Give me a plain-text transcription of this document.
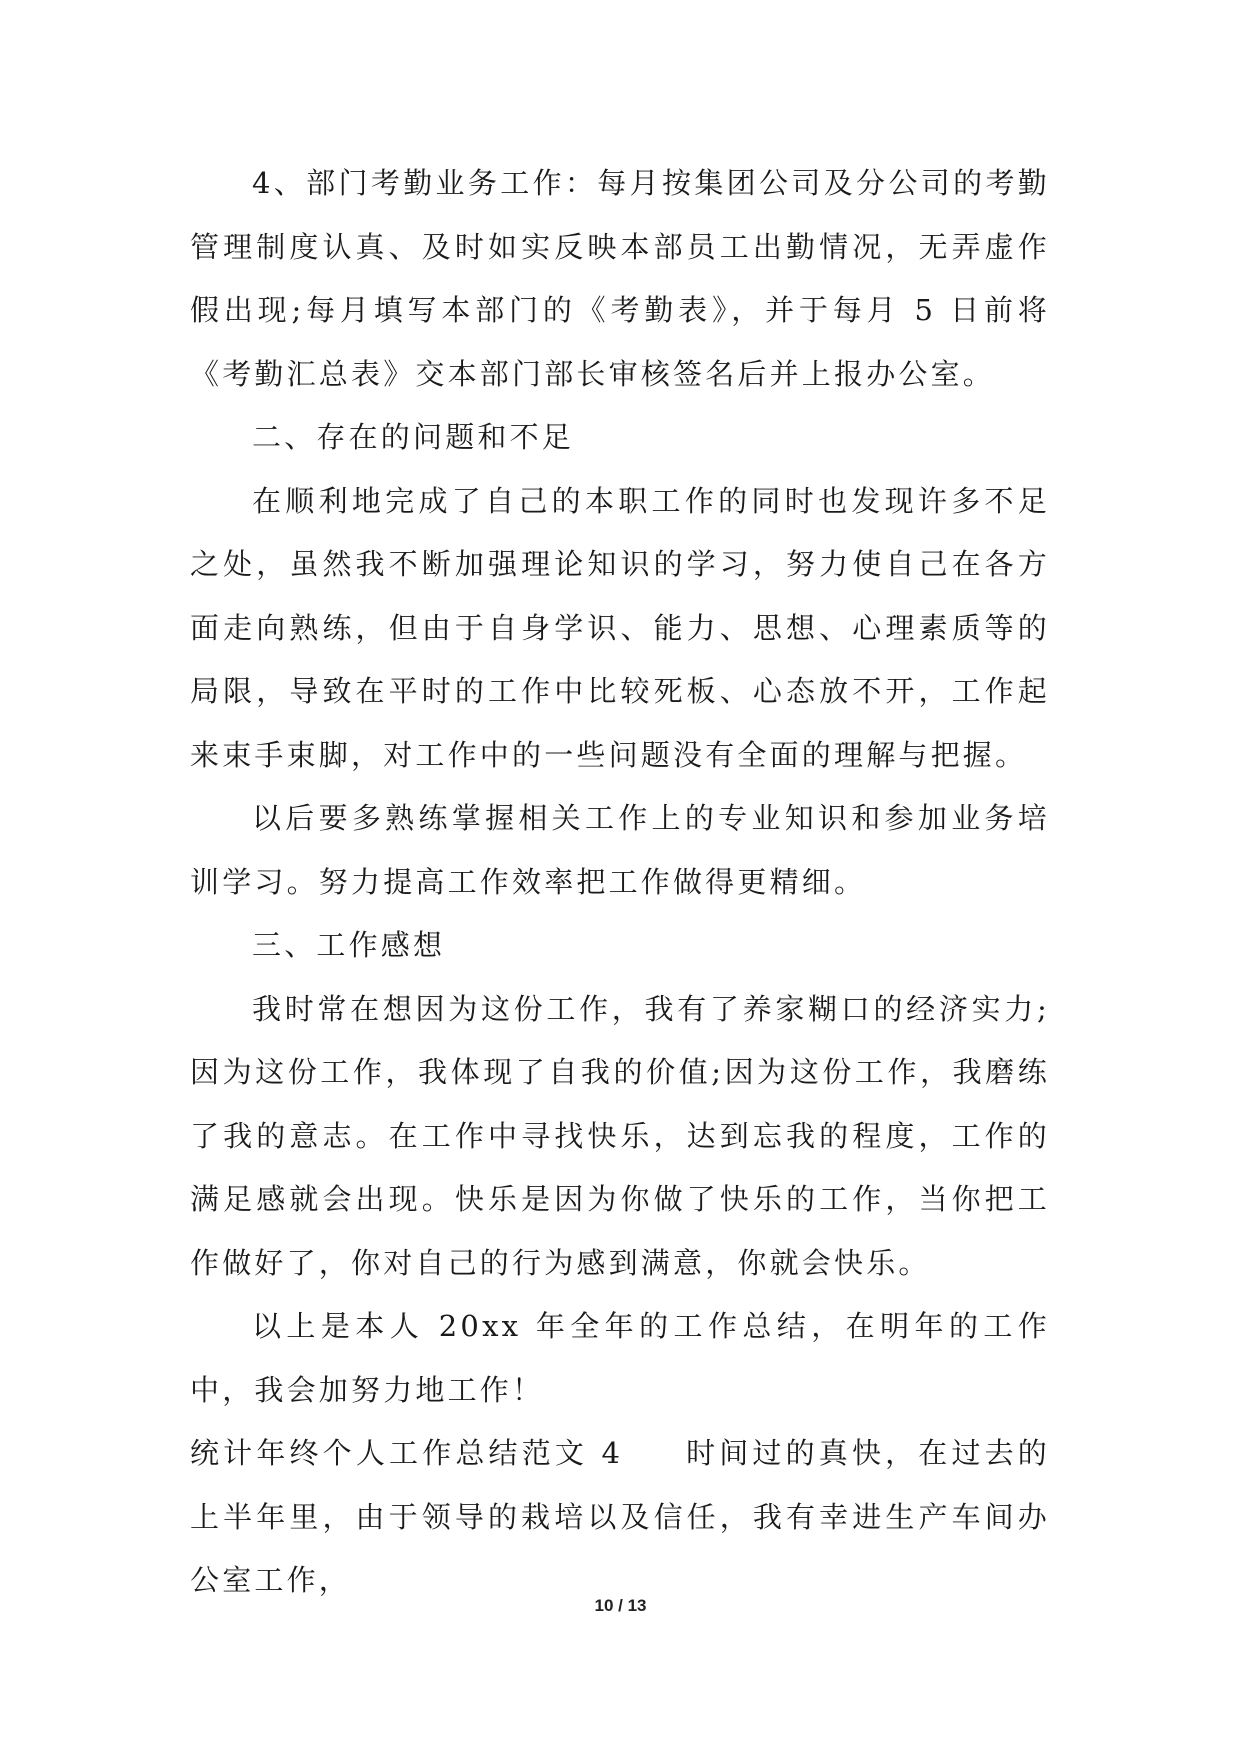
4、部门考勤业务工作：每月按集团公司及分公司的考勤管理制度认真、及时如实反映本部员工出勤情况，无弄虚作假出现;每月填写本部门的《考勤表》，并于每月 5 日前将《考勤汇总表》交本部门部长审核签名后并上报办公室。

二、存在的问题和不足

在顺利地完成了自己的本职工作的同时也发现许多不足之处，虽然我不断加强理论知识的学习，努力使自己在各方面走向熟练，但由于自身学识、能力、思想、心理素质等的局限，导致在平时的工作中比较死板、心态放不开，工作起来束手束脚，对工作中的一些问题没有全面的理解与把握。

以后要多熟练掌握相关工作上的专业知识和参加业务培训学习。努力提高工作效率把工作做得更精细。

三、工作感想

我时常在想因为这份工作，我有了养家糊口的经济实力;因为这份工作，我体现了自我的价值;因为这份工作，我磨练了我的意志。在工作中寻找快乐，达到忘我的程度，工作的满足感就会出现。快乐是因为你做了快乐的工作，当你把工作做好了，你对自己的行为感到满意，你就会快乐。

以上是本人 20xx 年全年的工作总结，在明年的工作中，我会加努力地工作！

统计年终个人工作总结范文 4 时间过的真快，在过去的上半年里，由于领导的栽培以及信任，我有幸进生产车间办公室工作，

10 / 13
